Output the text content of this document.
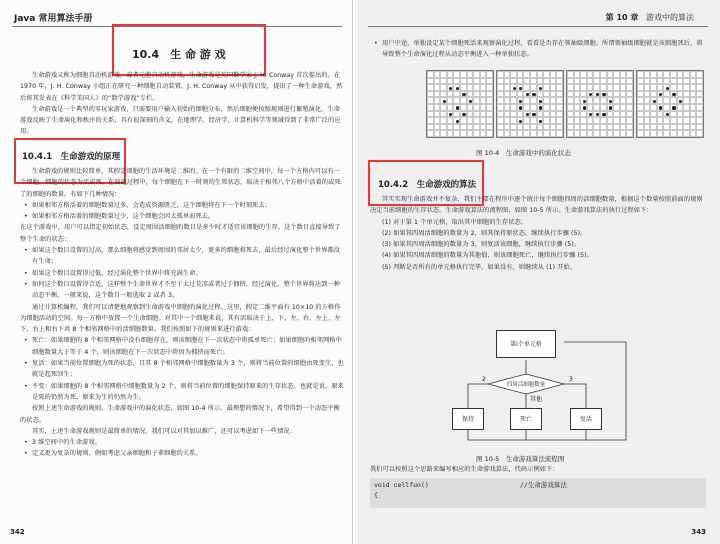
Java 常用算法手册
10.4　生 命 游 戏

生命游戏又称为细胞自动机游戏，或者元胞自动机游戏，生命游戏是英国数学家 J. H. Conway 首次提出的。在 1970 年，J. H. Conway 小组正在研究一种细胞自动装置，J. H. Conway 从中获得启发，提出了一种生命游戏，然后将其发表在《科学美国人》的“数学游戏”专栏。

生命游戏是一个典型的零玩家游戏，只需要用户输入初始的细胞分布，然后细胞便按照规则进行繁殖演化。生命游戏反映了生命演化和秩序的关系，具有很深刻的含义，在地理学、经济学、计算机科学等领域得到了非常广泛的应用。

10.4.1　生命游戏的原理

生命游戏的规则比较简单，其假定细胞的生活环境是二维的。在一个有限的二维空间中，每一个方格内可以有一个细胞，细胞的状态为活或死。在演化过程中，每个细胞在下一时刻的生死状态，取决于相邻八个方格中活着的或死了的细胞的数量。有如下几种情况：

• 如果相邻方格活着的细胞数量过多，会造成资源匮乏，这个细胞将在下一个时刻死去；

• 如果相邻方格活着的细胞数量过少，这个细胞会因太孤单而死去。

在这个游戏中，用户可以指定初始状态，设定周围活细胞的数目是多少时才适宜该细胞的生存。这个数目直接导致了整个生命的状态：

• 如果这个数目设置的过高，那么细胞将感觉到周围的邻居太少，更多的细胞将死去，最后经过演化整个世界都没有生命；

• 如果这个数目设置得过低，经过演化整个世界中将充满生命。

• 如何这个数目设置得合适，这样整个生命世界才不至于太过荒凉或者过于拥挤，经过演化，整个世界将达到一种动态平衡。一般来说，这个数目一般选取 2 或者 3。

通过计算机编程，我们可以清楚地观察到生命游戏中细胞的演化过程。这里，假定二维平面有 10×10 的方格作为细胞活动的空间。每一方格中放置一个生命细胞。对其中一个细胞来说，其有活取决于上、下、左、右、左上、左下、右上和右下共 8 个相邻网格中的活细胞数量。我们按照如下的规则来进行游戏：

• 死亡：如果细胞的 8 个相邻网格中没有细胞存在，则该细胞在下一次状态中将孤单死亡；如果细胞的相邻网格中细胞数量大于等于 4 个，则该细胞在下一次状态中将因为拥挤而死亡；

• 复活：如果当前位置细胞为死的状态，且其 8 个相邻网格中细胞数量为 3 个，则将当前位置的细胞由死变生，也就是起死回生；

• 不变：如果细胞的 8 个相邻网格中细胞数量为 2 个，则将当前位置的细胞保持原来的生存状态。也就是说，原来是死的仍然为死，原来为生的仍然为生。

按照上述生命游戏的规则，生命游戏中的演化状态，如图 10-4 所示。最理想的情况下，希望得到一个动态平衡的状态。

其实，上述生命游戏规则是最简单的情况，我们可以对其加以推广，还可以考虑如下一些情况：

• 3 维空间中的生命游戏。

• 定义更为复杂的规则，例如考虑父亲细胞和子辈细胞的关系。

342
第 10 章 游戏中的算法

• 用户中途，单独设定某个细胞死活来观察演化过程，看看是否存在领袖级细胞。所谓领袖级细胞就是该细胞死后，将导致整个生命演化过程从动态平衡进入一种单独状态。

图 10-4　生命游戏中的演化状态
10.4.2　生命游戏的算法

其实实现生命游戏并不复杂，我们主要在程序中逐个统计每个细胞四周的活细胞数量，根据这个数量按照前面的规则决定当前细胞的生存状态。生命游戏算法的流程图，如图 10-5 所示。生命游戏算法的执行过程如下：

(1) 对于第 1 个单元格，取出其中细胞的生存状态。

(2) 如果其四周活细胞的数量为 2，则其保持原状态，继续执行步骤 (5)。

(3) 如果其四周活细胞的数量为 3，则复活该细胞，继续执行步骤 (5)。

(4) 如果其四周活细胞的数量为其他值，则该细胞死亡，继续执行步骤 (5)。

(5) 判断是否所有的单元格执行完毕，如果没有，则继续从 (1) 开始。

第i个单元格
四周活细胞数量
2	3
其他
保持	死亡	复活
图 10-5　生命游戏算法流程图

我们可以按照这个思路来编写相应的生命游戏算法，代码示例如下：

void cellfun()	//生命游戏算法

{
343
